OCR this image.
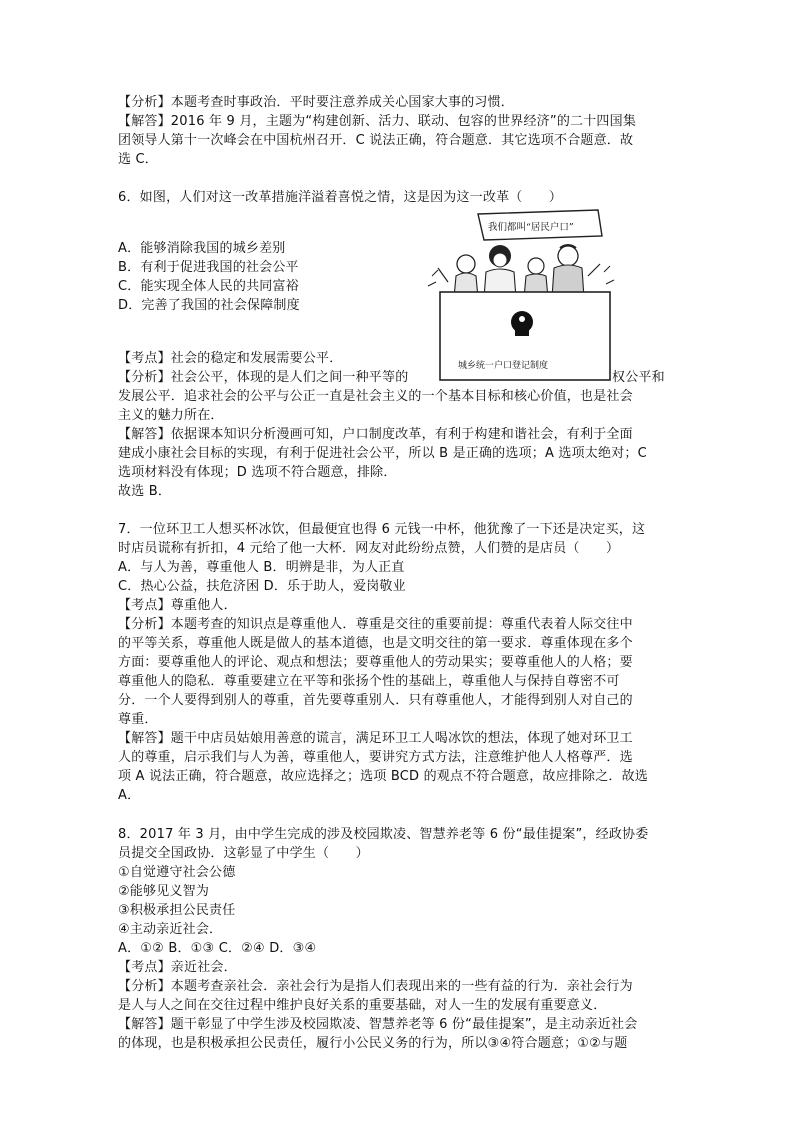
【分析】本题考查时事政治．平时要注意养成关心国家大事的习惯．

【解答】2016 年 9 月，主题为“构建创新、活力、联动、包容的世界经济”的二十四国集

团领导人第十一次峰会在中国杭州召开．C 说法正确，符合题意．其它选项不合题意．故

选 C．

6．如图，人们对这一改革措施洋溢着喜悦之情，这是因为这一改革（　　）

A．能够消除我国的城乡差别

B．有利于促进我国的社会公平

C．能实现全体人民的共同富裕

D．完善了我国的社会保障制度

我们都叫“居民户口”
城乡统一户口登记制度

【考点】社会的稳定和发展需要公平．

【分析】社会公平，体现的是人们之间一种平等的	权公平和

发展公平．追求社会的公平与公正一直是社会主义的一个基本目标和核心价值，也是社会

主义的魅力所在．

【解答】依据课本知识分析漫画可知，户口制度改革，有利于构建和谐社会，有利于全面

建成小康社会目标的实现，有利于促进社会公平，所以 B 是正确的选项；A 选项太绝对；C

选项材料没有体现；D 选项不符合题意，排除．

故选 B．

7．一位环卫工人想买杯冰饮，但最便宜也得 6 元钱一中杯，他犹豫了一下还是决定买，这

时店员谎称有折扣，4 元给了他一大杯．网友对此纷纷点赞，人们赞的是店员（　　）

A．与人为善，尊重他人 B．明辨是非，为人正直

C．热心公益，扶危济困 D．乐于助人，爱岗敬业

【考点】尊重他人．

【分析】本题考查的知识点是尊重他人．尊重是交往的重要前提：尊重代表着人际交往中

的平等关系，尊重他人既是做人的基本道德，也是文明交往的第一要求．尊重体现在多个

方面：要尊重他人的评论、观点和想法；要尊重他人的劳动果实；要尊重他人的人格；要

尊重他人的隐私．尊重要建立在平等和张扬个性的基础上，尊重他人与保持自尊密不可

分．一个人要得到别人的尊重，首先要尊重别人．只有尊重他人，才能得到别人对自己的

尊重．

【解答】题干中店员姑娘用善意的谎言，满足环卫工人喝冰饮的想法，体现了她对环卫工

人的尊重，启示我们与人为善，尊重他人，要讲究方式方法，注意维护他人人格尊严．选

项 A 说法正确，符合题意，故应选择之；选项 BCD 的观点不符合题意，故应排除之．故选

A．

8．2017 年 3 月，由中学生完成的涉及校园欺凌、智慧养老等 6 份“最佳提案”，经政协委

员提交全国政协．这彰显了中学生（　　）

①自觉遵守社会公德

②能够见义智为

③积极承担公民责任

④主动亲近社会．

A．①② B．①③ C．②④ D．③④

【考点】亲近社会．

【分析】本题考查亲社会．亲社会行为是指人们表现出来的一些有益的行为．亲社会行为

是人与人之间在交往过程中维护良好关系的重要基础，对人一生的发展有重要意义．

【解答】题干彰显了中学生涉及校园欺凌、智慧养老等 6 份“最佳提案”，是主动亲近社会

的体现，也是积极承担公民责任，履行小公民义务的行为，所以③④符合题意；①②与题
